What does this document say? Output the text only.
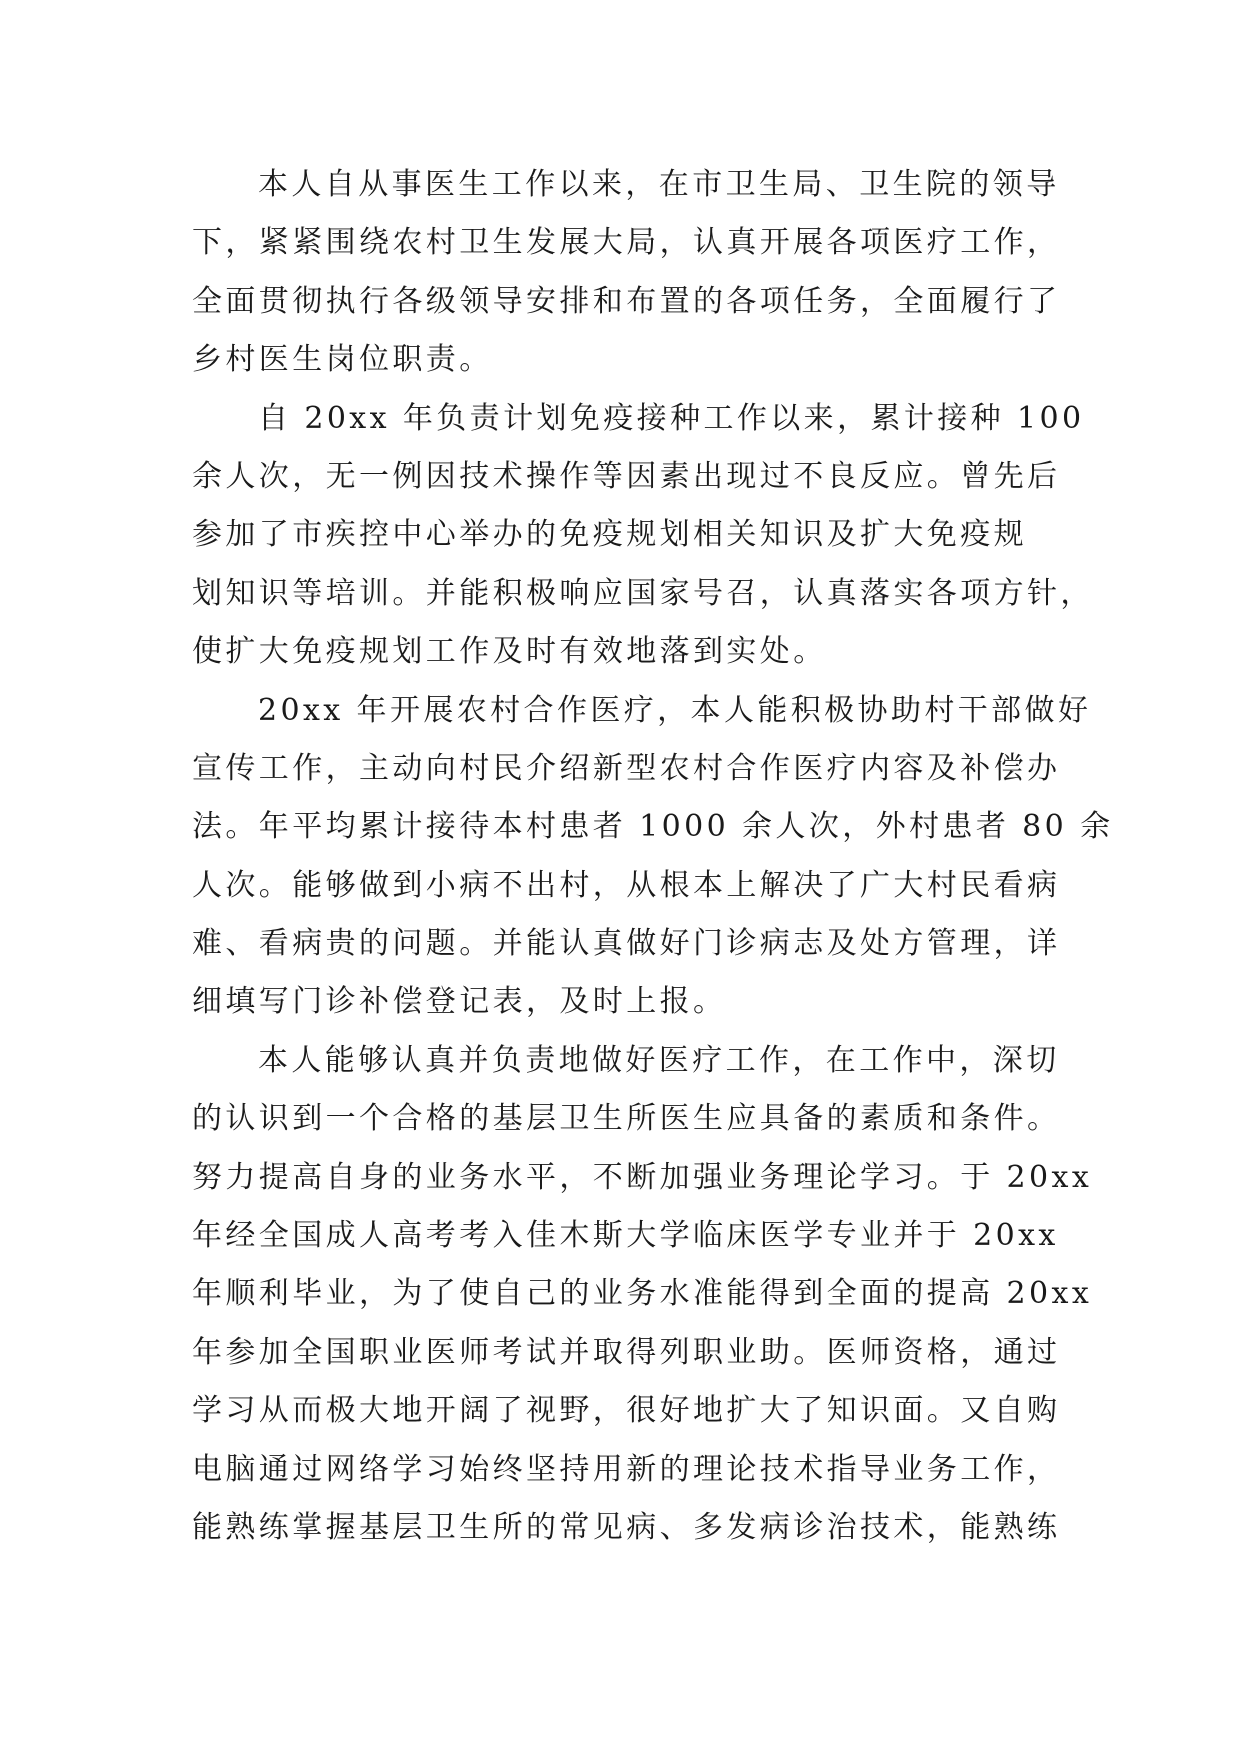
本人自从事医生工作以来，在市卫生局、卫生院的领导
下，紧紧围绕农村卫生发展大局，认真开展各项医疗工作，
全面贯彻执行各级领导安排和布置的各项任务，全面履行了
乡村医生岗位职责。
自 20xx 年负责计划免疫接种工作以来，累计接种 100
余人次，无一例因技术操作等因素出现过不良反应。曾先后
参加了市疾控中心举办的免疫规划相关知识及扩大免疫规
划知识等培训。并能积极响应国家号召，认真落实各项方针，
使扩大免疫规划工作及时有效地落到实处。
20xx 年开展农村合作医疗，本人能积极协助村干部做好
宣传工作，主动向村民介绍新型农村合作医疗内容及补偿办
法。年平均累计接待本村患者 1000 余人次，外村患者 80 余
人次。能够做到小病不出村，从根本上解决了广大村民看病
难、看病贵的问题。并能认真做好门诊病志及处方管理，详
细填写门诊补偿登记表，及时上报。
本人能够认真并负责地做好医疗工作，在工作中，深切
的认识到一个合格的基层卫生所医生应具备的素质和条件。
努力提高自身的业务水平，不断加强业务理论学习。于 20xx
年经全国成人高考考入佳木斯大学临床医学专业并于 20xx
年顺利毕业，为了使自己的业务水准能得到全面的提高 20xx
年参加全国职业医师考试并取得列职业助。医师资格，通过
学习从而极大地开阔了视野，很好地扩大了知识面。又自购
电脑通过网络学习始终坚持用新的理论技术指导业务工作，
能熟练掌握基层卫生所的常见病、多发病诊治技术，能熟练
